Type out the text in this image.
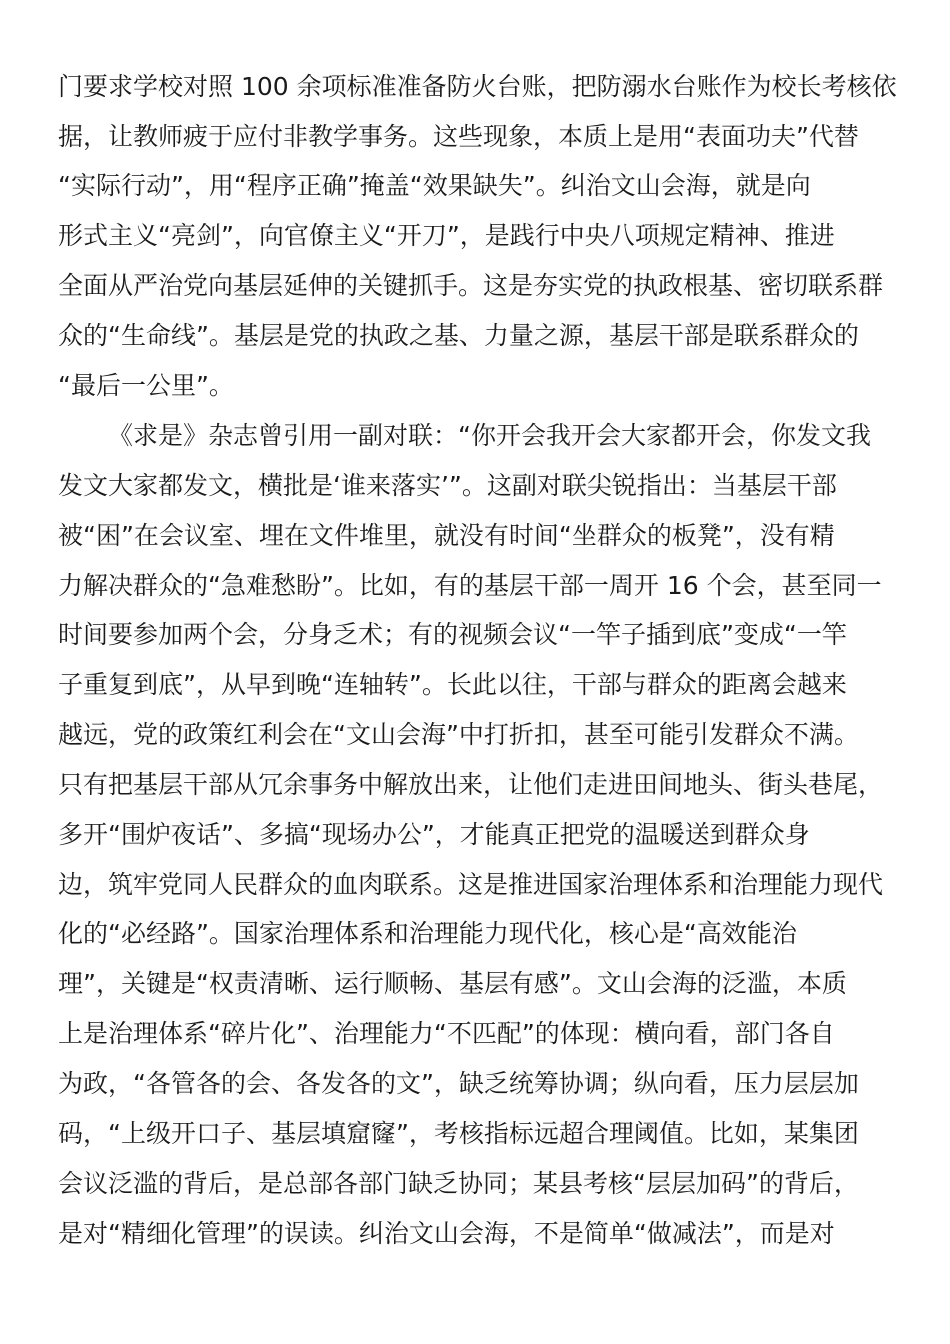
门要求学校对照 100 余项标准准备防火台账，把防溺水台账作为校长考核依
据，让教师疲于应付非教学事务。这些现象，本质上是用“表面功夫”代替
“实际行动”，用“程序正确”掩盖“效果缺失”。纠治文山会海，就是向
形式主义“亮剑”，向官僚主义“开刀”，是践行中央八项规定精神、推进
全面从严治党向基层延伸的关键抓手。这是夯实党的执政根基、密切联系群
众的“生命线”。基层是党的执政之基、力量之源，基层干部是联系群众的
“最后一公里”。
《求是》杂志曾引用一副对联：“你开会我开会大家都开会，你发文我
发文大家都发文，横批是‘谁来落实’”。这副对联尖锐指出：当基层干部
被“困”在会议室、埋在文件堆里，就没有时间“坐群众的板凳”，没有精
力解决群众的“急难愁盼”。比如，有的基层干部一周开 16 个会，甚至同一
时间要参加两个会，分身乏术；有的视频会议“一竿子插到底”变成“一竿
子重复到底”，从早到晚“连轴转”。长此以往，干部与群众的距离会越来
越远，党的政策红利会在“文山会海”中打折扣，甚至可能引发群众不满。
只有把基层干部从冗余事务中解放出来，让他们走进田间地头、街头巷尾，
多开“围炉夜话”、多搞“现场办公”，才能真正把党的温暖送到群众身
边，筑牢党同人民群众的血肉联系。这是推进国家治理体系和治理能力现代
化的“必经路”。国家治理体系和治理能力现代化，核心是“高效能治
理”，关键是“权责清晰、运行顺畅、基层有感”。文山会海的泛滥，本质
上是治理体系“碎片化”、治理能力“不匹配”的体现：横向看，部门各自
为政，“各管各的会、各发各的文”，缺乏统筹协调；纵向看，压力层层加
码，“上级开口子、基层填窟窿”，考核指标远超合理阈值。比如，某集团
会议泛滥的背后，是总部各部门缺乏协同；某县考核“层层加码”的背后，
是对“精细化管理”的误读。纠治文山会海，不是简单“做减法”，而是对
